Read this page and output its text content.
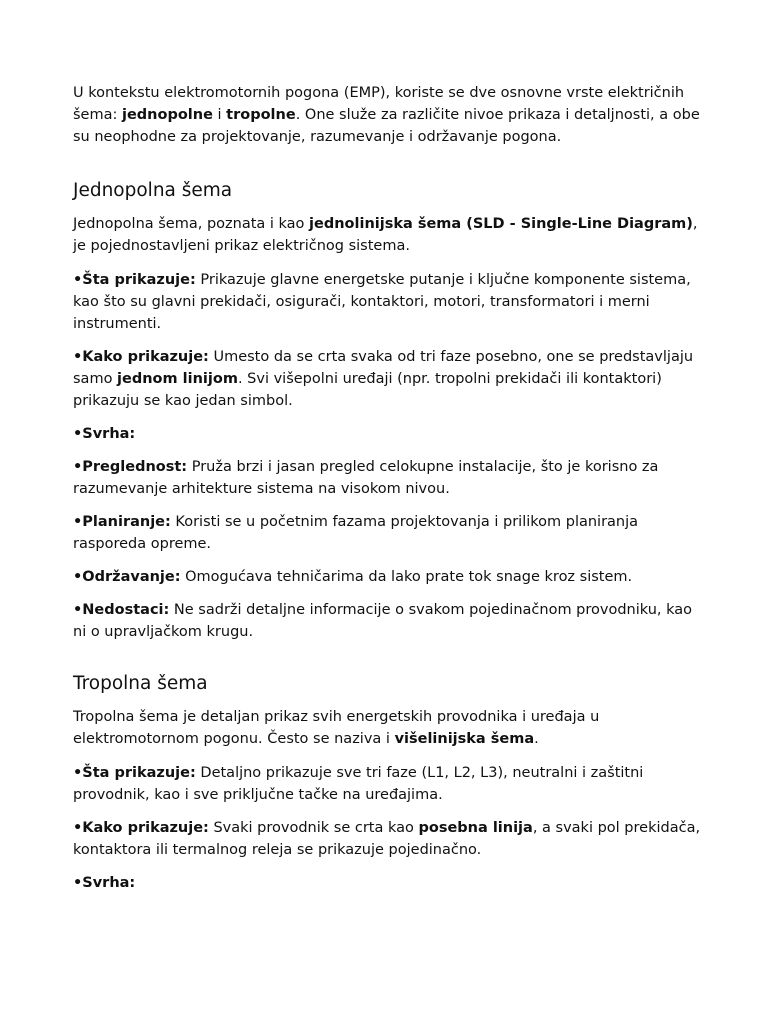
U kontekstu elektromotornih pogona (EMP), koriste se dve osnovne vrste električnih šema: jednopolne i tropolne. One služe za različite nivoe prikaza i detaljnosti, a obe su neophodne za projektovanje, razumevanje i održavanje pogona.

Jednopolna šema

Jednopolna šema, poznata i kao jednolinijska šema (SLD - Single-Line Diagram), je pojednostavljeni prikaz električnog sistema.

•Šta prikazuje: Prikazuje glavne energetske putanje i ključne komponente sistema, kao što su glavni prekidači, osigurači, kontaktori, motori, transformatori i merni instrumenti.

•Kako prikazuje: Umesto da se crta svaka od tri faze posebno, one se predstavljaju samo jednom linijom. Svi višepolni uređaji (npr. tropolni prekidači ili kontaktori) prikazuju se kao jedan simbol.

•Svrha:

•Preglednost: Pruža brzi i jasan pregled celokupne instalacije, što je korisno za razumevanje arhitekture sistema na visokom nivou.

•Planiranje: Koristi se u početnim fazama projektovanja i prilikom planiranja rasporeda opreme.

•Održavanje: Omogućava tehničarima da lako prate tok snage kroz sistem.

•Nedostaci: Ne sadrži detaljne informacije o svakom pojedinačnom provodniku, kao ni o upravljačkom krugu.

Tropolna šema

Tropolna šema je detaljan prikaz svih energetskih provodnika i uređaja u elektromotornom pogonu. Često se naziva i višelinijska šema.

•Šta prikazuje: Detaljno prikazuje sve tri faze (L1, L2, L3), neutralni i zaštitni provodnik, kao i sve priključne tačke na uređajima.

•Kako prikazuje: Svaki provodnik se crta kao posebna linija, a svaki pol prekidača, kontaktora ili termalnog releja se prikazuje pojedinačno.

•Svrha:
